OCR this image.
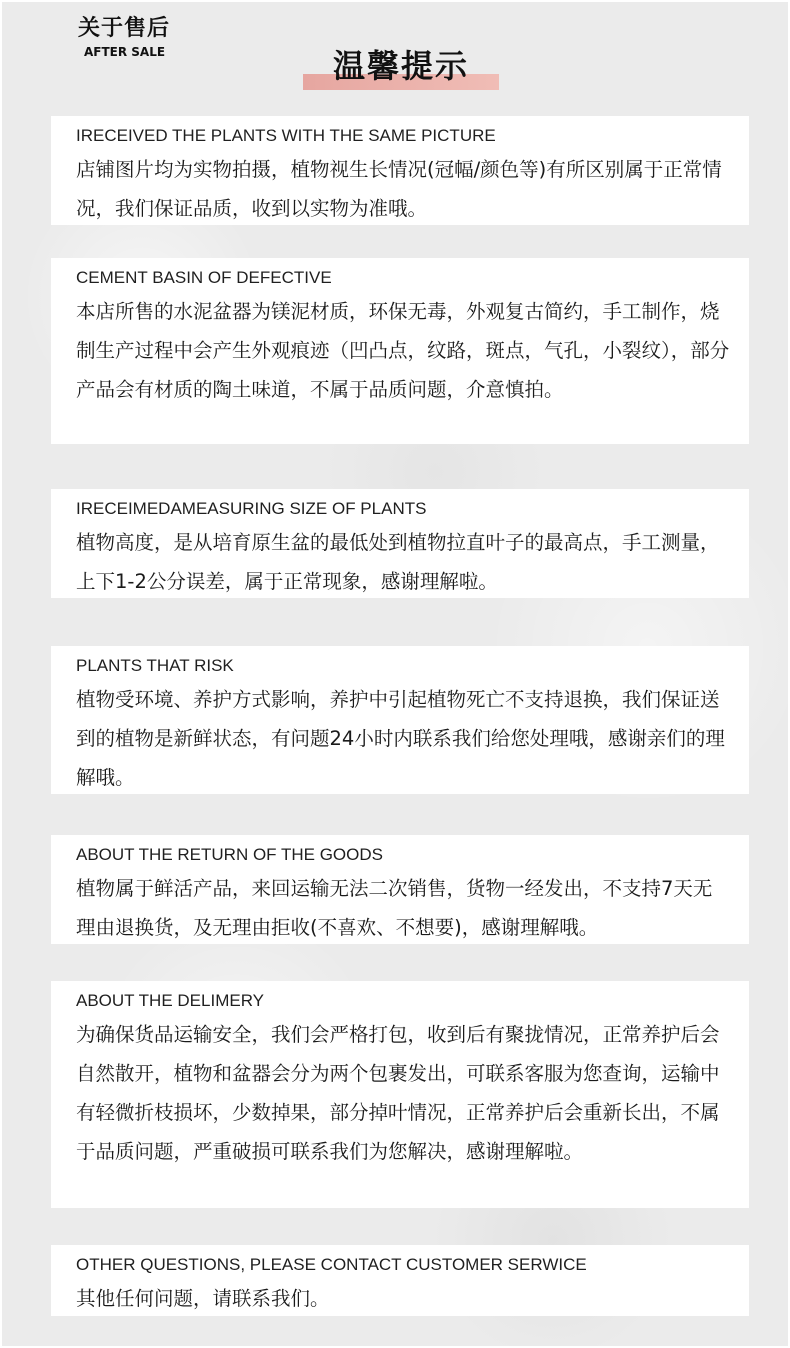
关于售后
AFTER SALE	温馨提示
IRECEIVED THE PLANTS WITH THE SAME PICTURE
店铺图片均为实物拍摄，植物视生长情况(冠幅/颜色等)有所区别属于正常情况，我们保证品质，收到以实物为准哦。
CEMENT BASIN OF DEFECTIVE
本店所售的水泥盆器为镁泥材质，环保无毒，外观复古简约，手工制作，烧制生产过程中会产生外观痕迹（凹凸点，纹路，斑点，气孔，小裂纹），部分产品会有材质的陶土味道，不属于品质问题，介意慎拍。
IRECEIMEDAMEASURING SIZE OF PLANTS
植物高度，是从培育原生盆的最低处到植物拉直叶子的最高点，手工测量，上下1-2公分误差，属于正常现象，感谢理解啦。
PLANTS THAT RISK
植物受环境、养护方式影响，养护中引起植物死亡不支持退换，我们保证送到的植物是新鲜状态，有问题24小时内联系我们给您处理哦，感谢亲们的理解哦。
ABOUT THE RETURN OF THE GOODS
植物属于鲜活产品，来回运输无法二次销售，货物一经发出，不支持7天无理由退换货，及无理由拒收(不喜欢、不想要)，感谢理解哦。
ABOUT THE DELIMERY
为确保货品运输安全，我们会严格打包，收到后有聚拢情况，正常养护后会自然散开，植物和盆器会分为两个包裹发出，可联系客服为您查询，运输中有轻微折枝损坏，少数掉果，部分掉叶情况，正常养护后会重新长出，不属于品质问题，严重破损可联系我们为您解决，感谢理解啦。
OTHER QUESTIONS, PLEASE CONTACT CUSTOMER SERWICE
其他任何问题，请联系我们。
